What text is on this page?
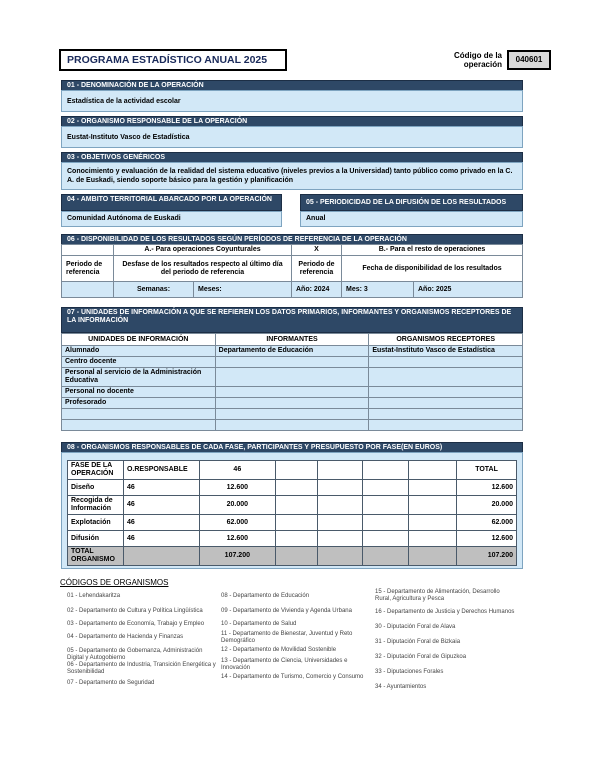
PROGRAMA ESTADÍSTICO ANUAL 2025	Código de la
operación
040601
01 - DENOMINACIÓN DE LA OPERACIÓN
Estadística de la actividad escolar
02 - ORGANISMO RESPONSABLE DE LA OPERACIÓN
Eustat-Instituto Vasco de Estadística
03 - OBJETIVOS GENÉRICOS
Conocimiento y evaluación de la realidad del sistema educativo (niveles previos a la Universidad) tanto público como privado en la C. A. de Euskadi, siendo soporte básico para la gestión y planificación
04 - AMBITO TERRITORIAL ABARCADO POR LA OPERACIÓN
Comunidad Autónoma de Euskadi
05 - PERIODICIDAD DE LA DIFUSIÓN DE LOS RESULTADOS
Anual
06 - DISPONIBILIDAD DE LOS RESULTADOS SEGÚN PERÍODOS DE REFERENCIA DE LA OPERACIÓN
	A.- Para operaciones Coyunturales		X	B.- Para el resto de operaciones	
Periodo de referencia	Desfase de los resultados respecto al último día del periodo de referencia		Periodo de referencia	Fecha de disponibilidad de los resultados	
	Semanas:	Meses:	Año: 2024	Mes: 3	Año: 2025
07 - UNIDADES DE INFORMACIÓN A QUE SE REFIEREN LOS DATOS PRIMARIOS, INFORMANTES Y ORGANISMOS RECEPTORES DE LA INFORMACIÓN
UNIDADES DE INFORMACIÓN	INFORMANTES	ORGANISMOS RECEPTORES
Alumnado	Departamento de Educación	Eustat-Instituto Vasco de Estadística
Centro docente		
Personal al servicio de la Administración Educativa		
Personal no docente		
Profesorado		

08 - ORGANISMOS RESPONSABLES DE CADA FASE, PARTICIPANTES Y PRESUPUESTO POR FASE(EN EUROS)
FASE DE LA OPERACIÓN	O.RESPONSABLE	46					TOTAL
Diseño	46	12.600					12.600
Recogida de Información	46	20.000					20.000
Explotación	46	62.000					62.000
Difusión	46	12.600					12.600
TOTAL ORGANISMO		107.200					107.200
CÓDIGOS DE ORGANISMOS
01 - Lehendakaritza
02 - Departamento de Cultura y Política Lingüística
03 - Departamento de Economía, Trabajo y Empleo
04 - Departamento de Hacienda y Finanzas
05 - Departamento de Gobernanza, Administración Digital y Autogobierno
06 - Departamento de Industria, Transición Energética y Sostenibilidad
07 - Departamento de Seguridad
08 - Departamento de Educación
09 - Departamento de Vivienda y Agenda Urbana
10 - Departamento de Salud
11 - Departamento de Bienestar, Juventud y Reto Demográfico
12 - Departamento de Movilidad Sostenible
13 - Departamento de Ciencia, Universidades e Innovación
14 - Departamento de Turismo, Comercio y Consumo
15 - Departamento de Alimentación, Desarrollo Rural, Agricultura y Pesca
16 - Departamento de Justicia y Derechos Humanos
30 - Diputación Foral de Alava
31 - Diputación Foral de Bizkaia
32 - Diputación Foral de Gipuzkoa
33 - Diputaciones Forales
34 - Ayuntamientos
